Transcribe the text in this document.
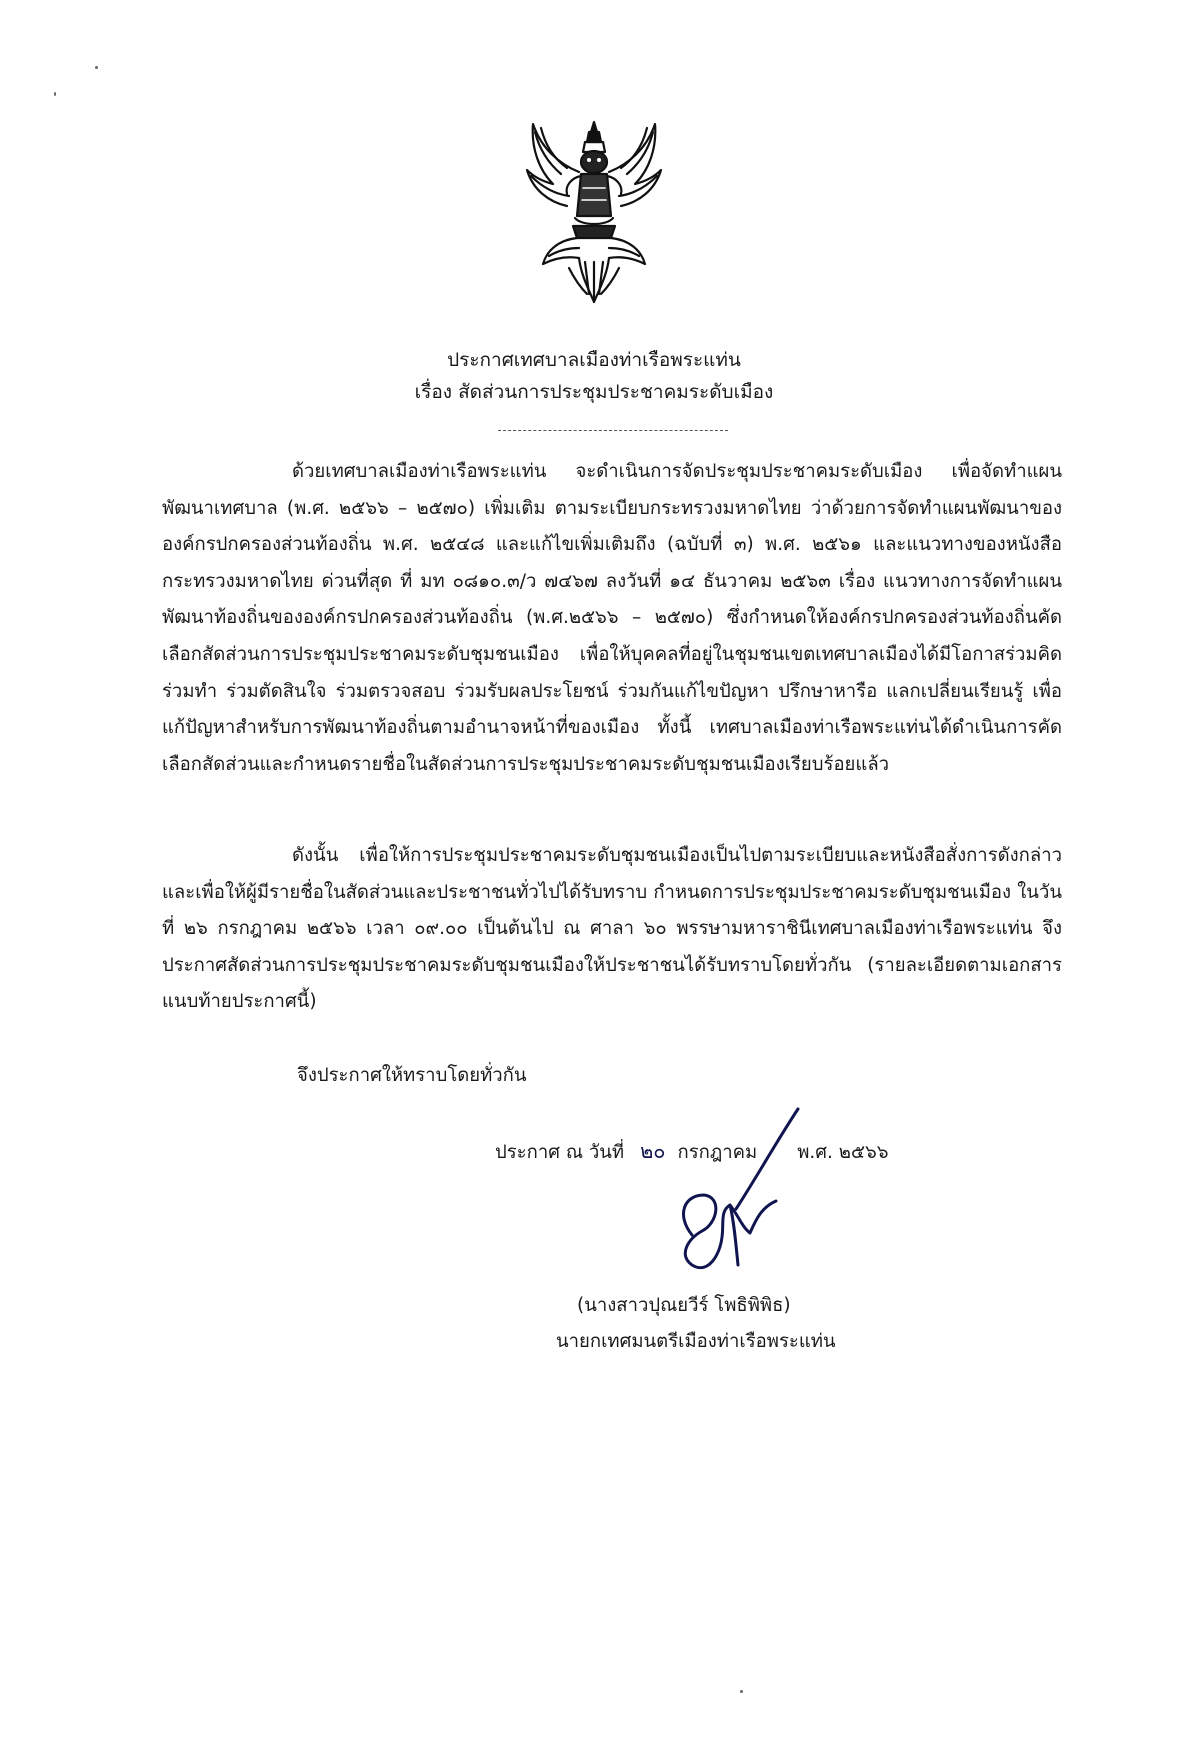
ประกาศเทศบาลเมืองท่าเรือพระแท่น
เรื่อง สัดส่วนการประชุมประชาคมระดับเมือง

ด้วยเทศบาลเมืองท่าเรือพระแท่น จะดำเนินการจัดประชุมประชาคมระดับเมือง เพื่อจัดทำแผนพัฒนาเทศบาล (พ.ศ. ๒๕๖๖ – ๒๕๗๐) เพิ่มเติม ตามระเบียบกระทรวงมหาดไทย ว่าด้วยการจัดทำแผนพัฒนาขององค์กรปกครองส่วนท้องถิ่น พ.ศ. ๒๕๔๘ และแก้ไขเพิ่มเติมถึง (ฉบับที่ ๓) พ.ศ. ๒๕๖๑ และแนวทางของหนังสือกระทรวงมหาดไทย ด่วนที่สุด ที่ มท ๐๘๑๐.๓/ว ๗๔๖๗ ลงวันที่ ๑๔ ธันวาคม ๒๕๖๓ เรื่อง แนวทางการจัดทำแผนพัฒนาท้องถิ่นขององค์กรปกครองส่วนท้องถิ่น (พ.ศ.๒๕๖๖ – ๒๕๗๐) ซึ่งกำหนดให้องค์กรปกครองส่วนท้องถิ่นคัดเลือกสัดส่วนการประชุมประชาคมระดับชุมชนเมือง เพื่อให้บุคคลที่อยู่ในชุมชนเขตเทศบาลเมืองได้มีโอกาสร่วมคิด ร่วมทำ ร่วมตัดสินใจ ร่วมตรวจสอบ ร่วมรับผลประโยชน์ ร่วมกันแก้ไขปัญหา ปรึกษาหารือ แลกเปลี่ยนเรียนรู้ เพื่อแก้ปัญหาสำหรับการพัฒนาท้องถิ่นตามอำนาจหน้าที่ของเมือง ทั้งนี้ เทศบาลเมืองท่าเรือพระแท่นได้ดำเนินการคัดเลือกสัดส่วนและกำหนดรายชื่อในสัดส่วนการประชุมประชาคมระดับชุมชนเมืองเรียบร้อยแล้ว

ดังนั้น เพื่อให้การประชุมประชาคมระดับชุมชนเมืองเป็นไปตามระเบียบและหนังสือสั่งการดังกล่าวและเพื่อให้ผู้มีรายชื่อในสัดส่วนและประชาชนทั่วไปได้รับทราบ กำหนดการประชุมประชาคมระดับชุมชนเมือง ในวันที่ ๒๖ กรกฎาคม ๒๕๖๖ เวลา ๐๙.๐๐ เป็นต้นไป ณ ศาลา ๖๐ พรรษามหาราชินีเทศบาลเมืองท่าเรือพระแท่น จึงประกาศสัดส่วนการประชุมประชาคมระดับชุมชนเมืองให้ประชาชนได้รับทราบโดยทั่วกัน (รายละเอียดตามเอกสารแนบท้ายประกาศนี้)

จึงประกาศให้ทราบโดยทั่วกัน
ประกาศ ณ วันที่ ๒๐ กรกฎาคม พ.ศ. ๒๕๖๖
(นางสาวปุณยวีร์ โพธิพิพิธ)
นายกเทศมนตรีเมืองท่าเรือพระแท่น
